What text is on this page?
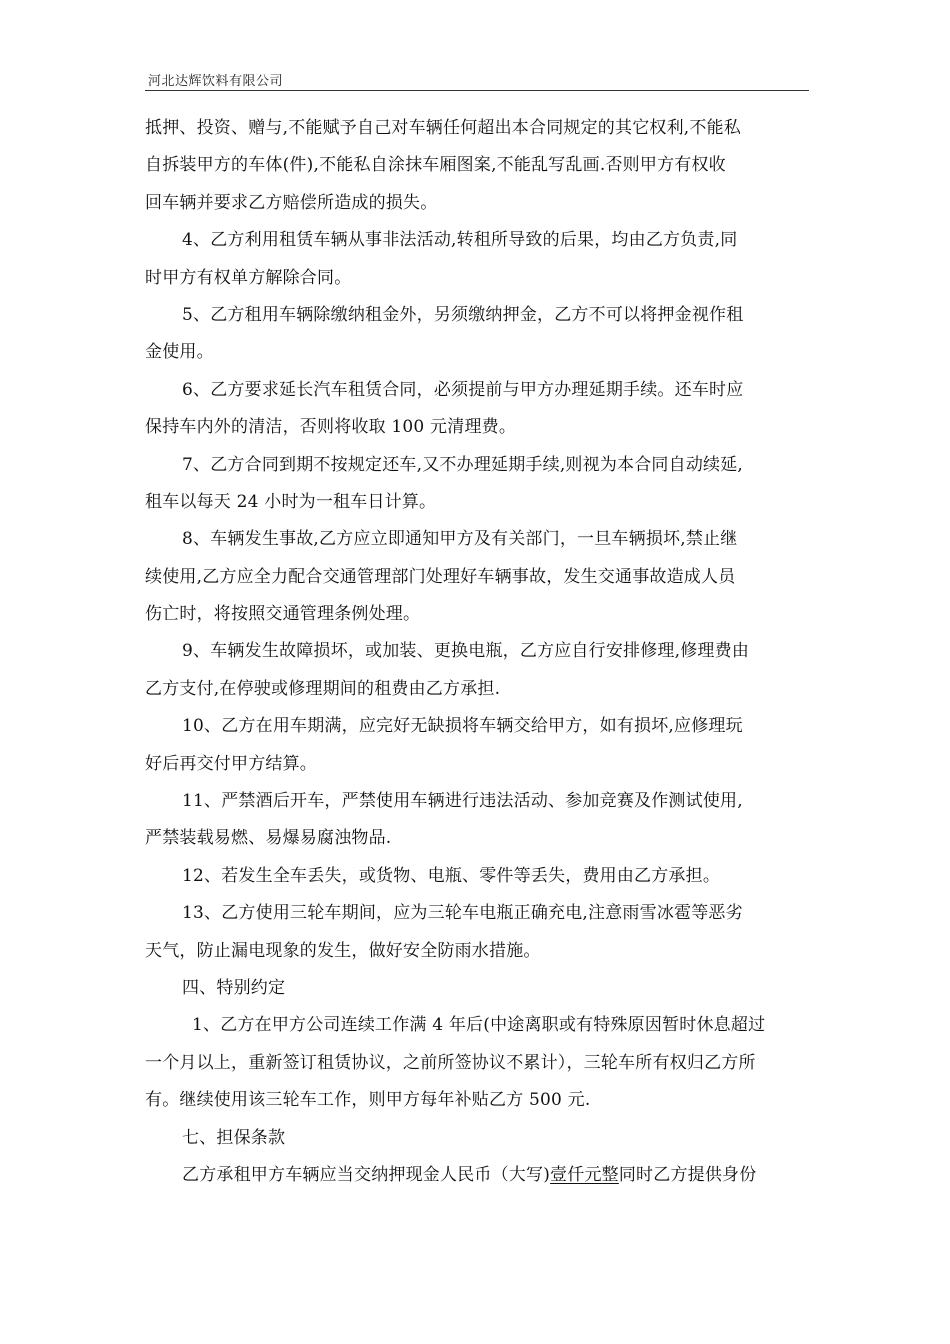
河北达辉饮料有限公司
抵押、投资、赠与,不能赋予自己对车辆任何超出本合同规定的其它权利,不能私
自拆装甲方的车体(件),不能私自涂抹车厢图案,不能乱写乱画.否则甲方有权收
回车辆并要求乙方赔偿所造成的损失。
4、乙方利用租赁车辆从事非法活动,转租所导致的后果，均由乙方负责,同
时甲方有权单方解除合同。
5、乙方租用车辆除缴纳租金外，另须缴纳押金，乙方不可以将押金视作租
金使用。
6、乙方要求延长汽车租赁合同，必须提前与甲方办理延期手续。还车时应
保持车内外的清洁，否则将收取 100 元清理费。
7、乙方合同到期不按规定还车,又不办理延期手续,则视为本合同自动续延,
租车以每天 24 小时为一租车日计算。
8、车辆发生事故,乙方应立即通知甲方及有关部门，一旦车辆损坏,禁止继
续使用,乙方应全力配合交通管理部门处理好车辆事故，发生交通事故造成人员
伤亡时，将按照交通管理条例处理。
9、车辆发生故障损坏，或加装、更换电瓶，乙方应自行安排修理,修理费由
乙方支付,在停驶或修理期间的租费由乙方承担.
10、乙方在用车期满，应完好无缺损将车辆交给甲方，如有损坏,应修理玩
好后再交付甲方结算。
11、严禁酒后开车，严禁使用车辆进行违法活动、参加竞赛及作测试使用,
严禁装载易燃、易爆易腐浊物品.
12、若发生全车丢失，或货物、电瓶、零件等丢失，费用由乙方承担。
13、乙方使用三轮车期间，应为三轮车电瓶正确充电,注意雨雪冰雹等恶劣
天气，防止漏电现象的发生，做好安全防雨水措施。
四、特别约定
1、乙方在甲方公司连续工作满 4 年后(中途离职或有特殊原因暂时休息超过
一个月以上，重新签订租赁协议，之前所签协议不累计），三轮车所有权归乙方所
有。继续使用该三轮车工作，则甲方每年补贴乙方 500 元.
七、担保条款
乙方承租甲方车辆应当交纳押现金人民币（大写)壹仟元整同时乙方提供身份
